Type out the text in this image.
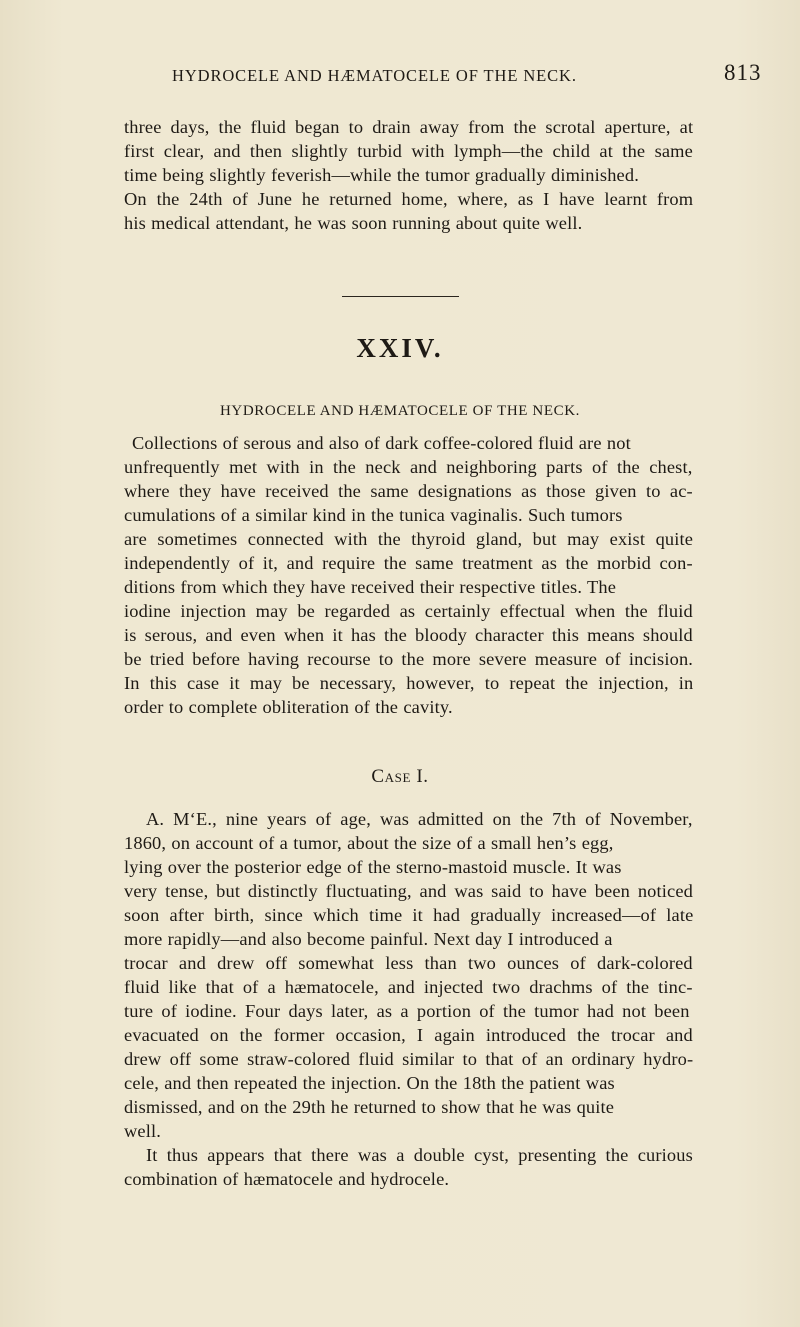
HYDROCELE AND HÆMATOCELE OF THE NECK.	813
three days, the fluid began to drain away from the scrotal aperture, at
first clear, and then slightly turbid with lymph—the child at the same
time being slightly feverish—while the tumor gradually diminished.
On the 24th of June he returned home, where, as I have learnt from
his medical attendant, he was soon running about quite well.
XXIV.
HYDROCELE AND HÆMATOCELE OF THE NECK.
Collections of serous and also of dark coffee-colored fluid are not
unfrequently met with in the neck and neighboring parts of the chest,
where they have received the same designations as those given to ac-
cumulations of a similar kind in the tunica vaginalis. Such tumors
are sometimes connected with the thyroid gland, but may exist quite
independently of it, and require the same treatment as the morbid con-
ditions from which they have received their respective titles. The
iodine injection may be regarded as certainly effectual when the fluid
is serous, and even when it has the bloody character this means should
be tried before having recourse to the more severe measure of incision.
In this case it may be necessary, however, to repeat the injection, in
order to complete obliteration of the cavity.
Case I.
A. M‘E., nine years of age, was admitted on the 7th of November,
1860, on account of a tumor, about the size of a small hen’s egg,
lying over the posterior edge of the sterno-mastoid muscle. It was
very tense, but distinctly fluctuating, and was said to have been noticed
soon after birth, since which time it had gradually increased—of late
more rapidly—and also become painful. Next day I introduced a
trocar and drew off somewhat less than two ounces of dark-colored
fluid like that of a hæmatocele, and injected two drachms of the tinc-
ture of iodine. Four days later, as a portion of the tumor had not been
evacuated on the former occasion, I again introduced the trocar and
drew off some straw-colored fluid similar to that of an ordinary hydro-
cele, and then repeated the injection. On the 18th the patient was
dismissed, and on the 29th he returned to show that he was quite
well.
It thus appears that there was a double cyst, presenting the curious
combination of hæmatocele and hydrocele.
